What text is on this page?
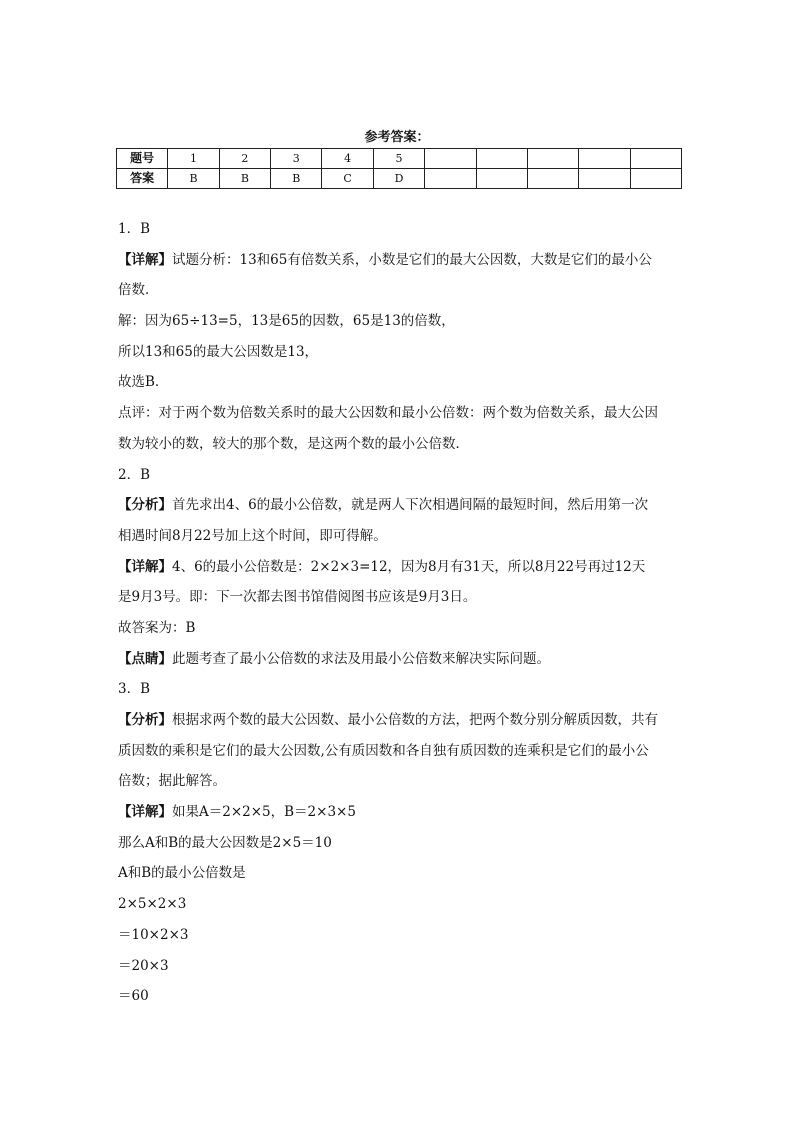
参考答案：
题号	1	2	3	4	5					
答案	B	B	B	C	D					
1．B
【详解】试题分析：13和65有倍数关系，小数是它们的最大公因数，大数是它们的最小公
倍数．
解：因为65÷13=5，13是65的因数，65是13的倍数，
所以13和65的最大公因数是13，
故选B．
点评：对于两个数为倍数关系时的最大公因数和最小公倍数：两个数为倍数关系，最大公因
数为较小的数，较大的那个数，是这两个数的最小公倍数．
2．B
【分析】首先求出4、6的最小公倍数，就是两人下次相遇间隔的最短时间，然后用第一次
相遇时间8月22号加上这个时间，即可得解。
【详解】4、6的最小公倍数是：2×2×3=12，因为8月有31天，所以8月22号再过12天
是9月3号。即：下一次都去图书馆借阅图书应该是9月3日。
故答案为：B
【点睛】此题考查了最小公倍数的求法及用最小公倍数来解决实际问题。
3．B
【分析】根据求两个数的最大公因数、最小公倍数的方法，把两个数分别分解质因数，共有
质因数的乘积是它们的最大公因数,公有质因数和各自独有质因数的连乘积是它们的最小公
倍数；据此解答。
【详解】如果A＝2×2×5，B＝2×3×5
那么A和B的最大公因数是2×5＝10
A和B的最小公倍数是
2×5×2×3
＝10×2×3
＝20×3
＝60
